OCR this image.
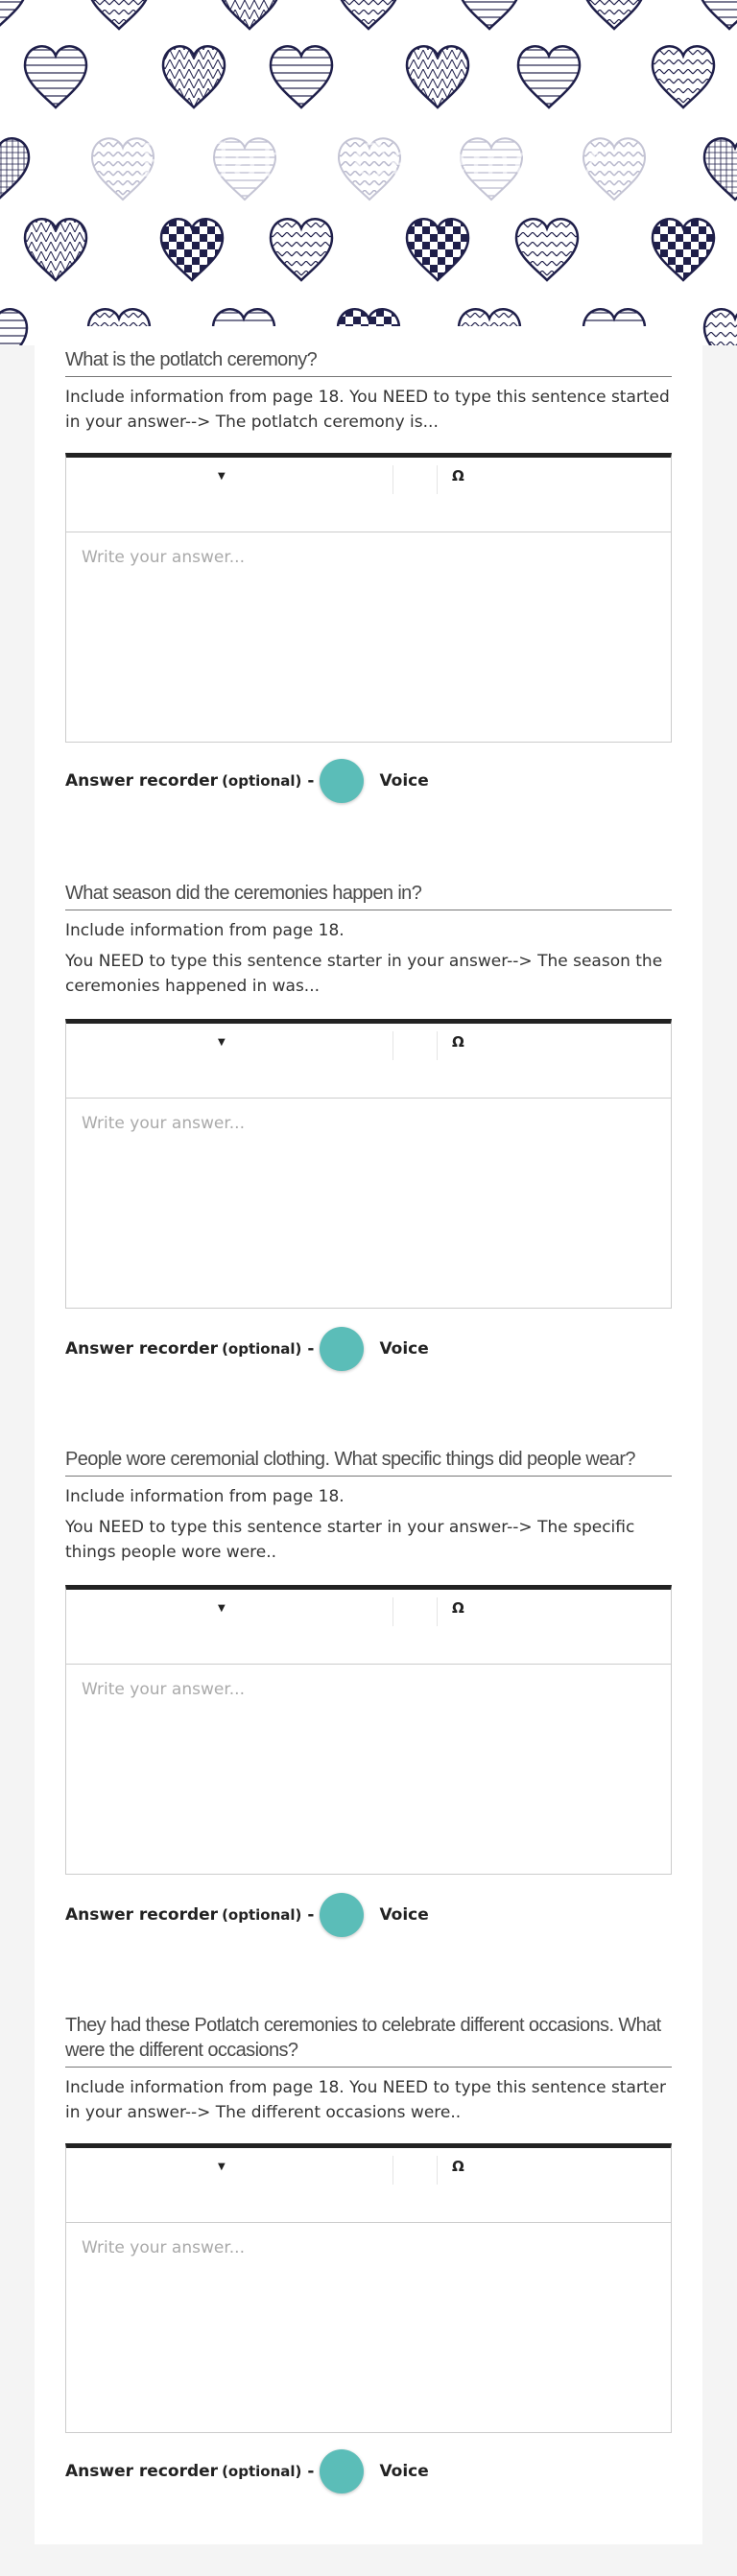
Potlatch Ceremony
What is the potlatch ceremony?

Include information from page 18. You NEED to type this sentence started in your answer--> The potlatch ceremony is...

▼	Ω
Write your answer...
Answer recorder (optional) -	Voice
What season did the ceremonies happen in?

Include information from page 18.

You NEED to type this sentence starter in your answer--> The season the ceremonies happened in was...

▼	Ω
Write your answer...
Answer recorder (optional) -	Voice
People wore ceremonial clothing. What specific things did people wear?

Include information from page 18.

You NEED to type this sentence starter in your answer--> The specific things people wore were..

▼	Ω
Write your answer...
Answer recorder (optional) -	Voice
They had these Potlatch ceremonies to celebrate different occasions. What were the different occasions?

Include information from page 18. You NEED to type this sentence starter in your answer--> The different occasions were..

▼	Ω
Write your answer...
Answer recorder (optional) -	Voice
